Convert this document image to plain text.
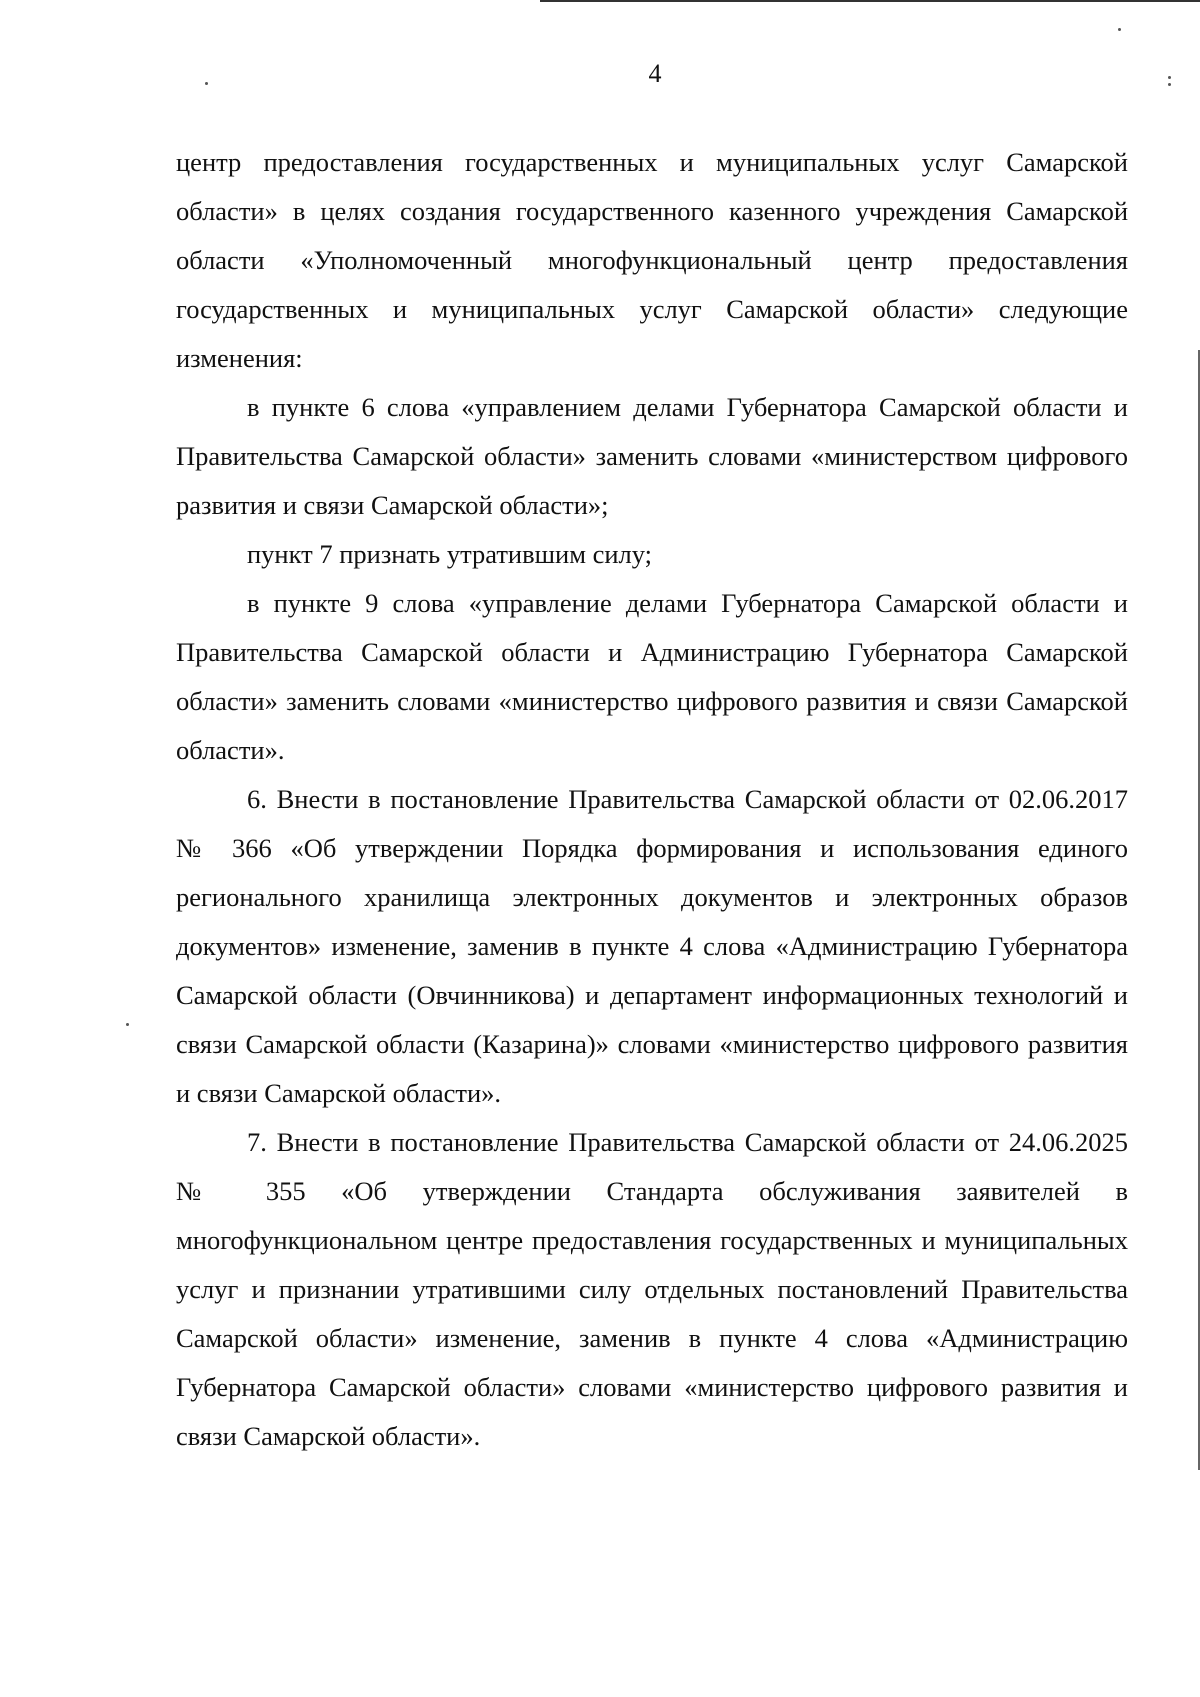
4

центр предоставления государственных и муниципальных услуг Самарской области» в целях создания государственного казенного учреждения Самарской области «Уполномоченный многофункциональный центр предоставления государственных и муниципальных услуг Самарской области» следующие изменения:

в пункте 6 слова «управлением делами Губернатора Самарской области и Правительства Самарской области» заменить словами «министерством цифрового развития и связи Самарской области»;

пункт 7 признать утратившим силу;

в пункте 9 слова «управление делами Губернатора Самарской области и Правительства Самарской области и Администрацию Губернатора Самарской области» заменить словами «министерство цифрового развития и связи Самарской области».

6. Внести в постановление Правительства Самарской области от 02.06.2017 № 366 «Об утверждении Порядка формирования и использования единого регионального хранилища электронных документов и электронных образов документов» изменение, заменив в пункте 4 слова «Администрацию Губернатора Самарской области (Овчинникова) и департамент информационных технологий и связи Самарской области (Казарина)» словами «министерство цифрового развития и связи Самарской области».

7. Внести в постановление Правительства Самарской области от 24.06.2025 № 355 «Об утверждении Стандарта обслуживания заявителей в многофункциональном центре предоставления государственных и муниципальных услуг и признании утратившими силу отдельных постановлений Правительства Самарской области» изменение, заменив в пункте 4 слова «Администрацию Губернатора Самарской области» словами «министерство цифрового развития и связи Самарской области».
